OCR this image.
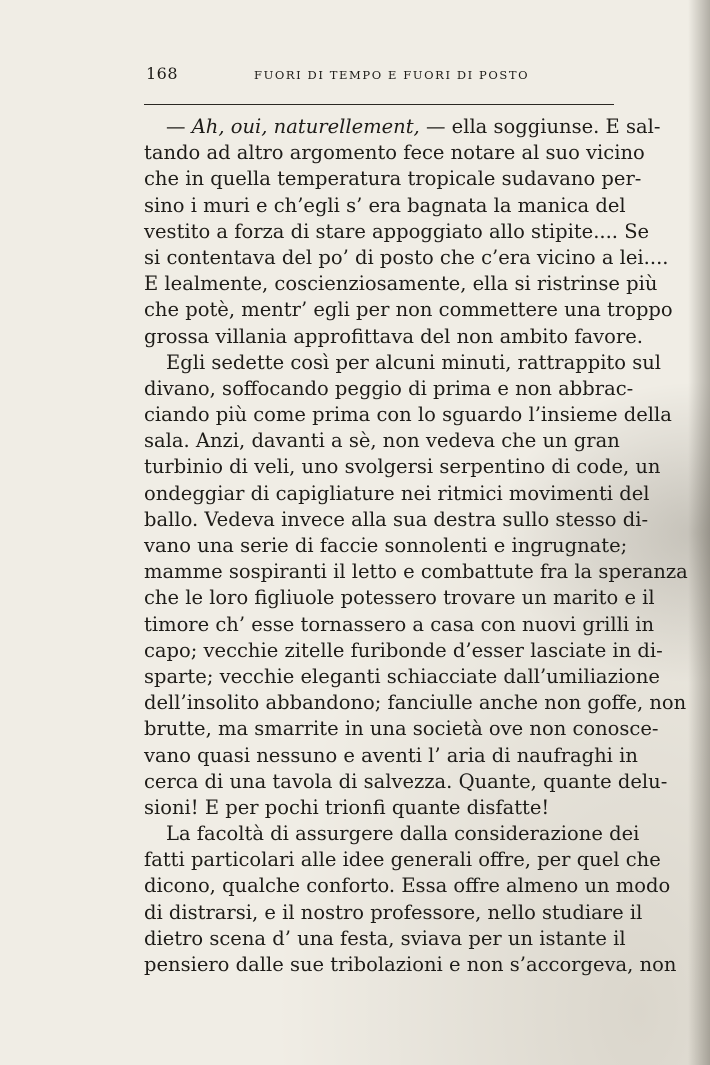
168	FUORI DI TEMPO E FUORI DI POSTO
— Ah, oui, naturellement, — ella soggiunse. E sal-
tando ad altro argomento fece notare al suo vicino
che in quella temperatura tropicale sudavano per-
sino i muri e ch’egli s’ era bagnata la manica del
vestito a forza di stare appoggiato allo stipite.... Se
si contentava del po’ di posto che c’era vicino a lei....
E lealmente, coscienziosamente, ella si ristrinse più
che potè, mentr’ egli per non commettere una troppo
grossa villania approfittava del non ambito favore.
Egli sedette così per alcuni minuti, rattrappito sul
divano, soffocando peggio di prima e non abbrac-
ciando più come prima con lo sguardo l’insieme della
sala. Anzi, davanti a sè, non vedeva che un gran
turbinio di veli, uno svolgersi serpentino di code, un
ondeggiar di capigliature nei ritmici movimenti del
ballo. Vedeva invece alla sua destra sullo stesso di-
vano una serie di faccie sonnolenti e ingrugnate;
mamme sospiranti il letto e combattute fra la speranza
che le loro figliuole potessero trovare un marito e il
timore ch’ esse tornassero a casa con nuovi grilli in
capo; vecchie zitelle furibonde d’esser lasciate in di-
sparte; vecchie eleganti schiacciate dall’umiliazione
dell’insolito abbandono; fanciulle anche non goffe, non
brutte, ma smarrite in una società ove non conosce-
vano quasi nessuno e aventi l’ aria di naufraghi in
cerca di una tavola di salvezza. Quante, quante delu-
sioni! E per pochi trionfi quante disfatte!
La facoltà di assurgere dalla considerazione dei
fatti particolari alle idee generali offre, per quel che
dicono, qualche conforto. Essa offre almeno un modo
di distrarsi, e il nostro professore, nello studiare il
dietro scena d’ una festa, sviava per un istante il
pensiero dalle sue tribolazioni e non s’accorgeva, non
